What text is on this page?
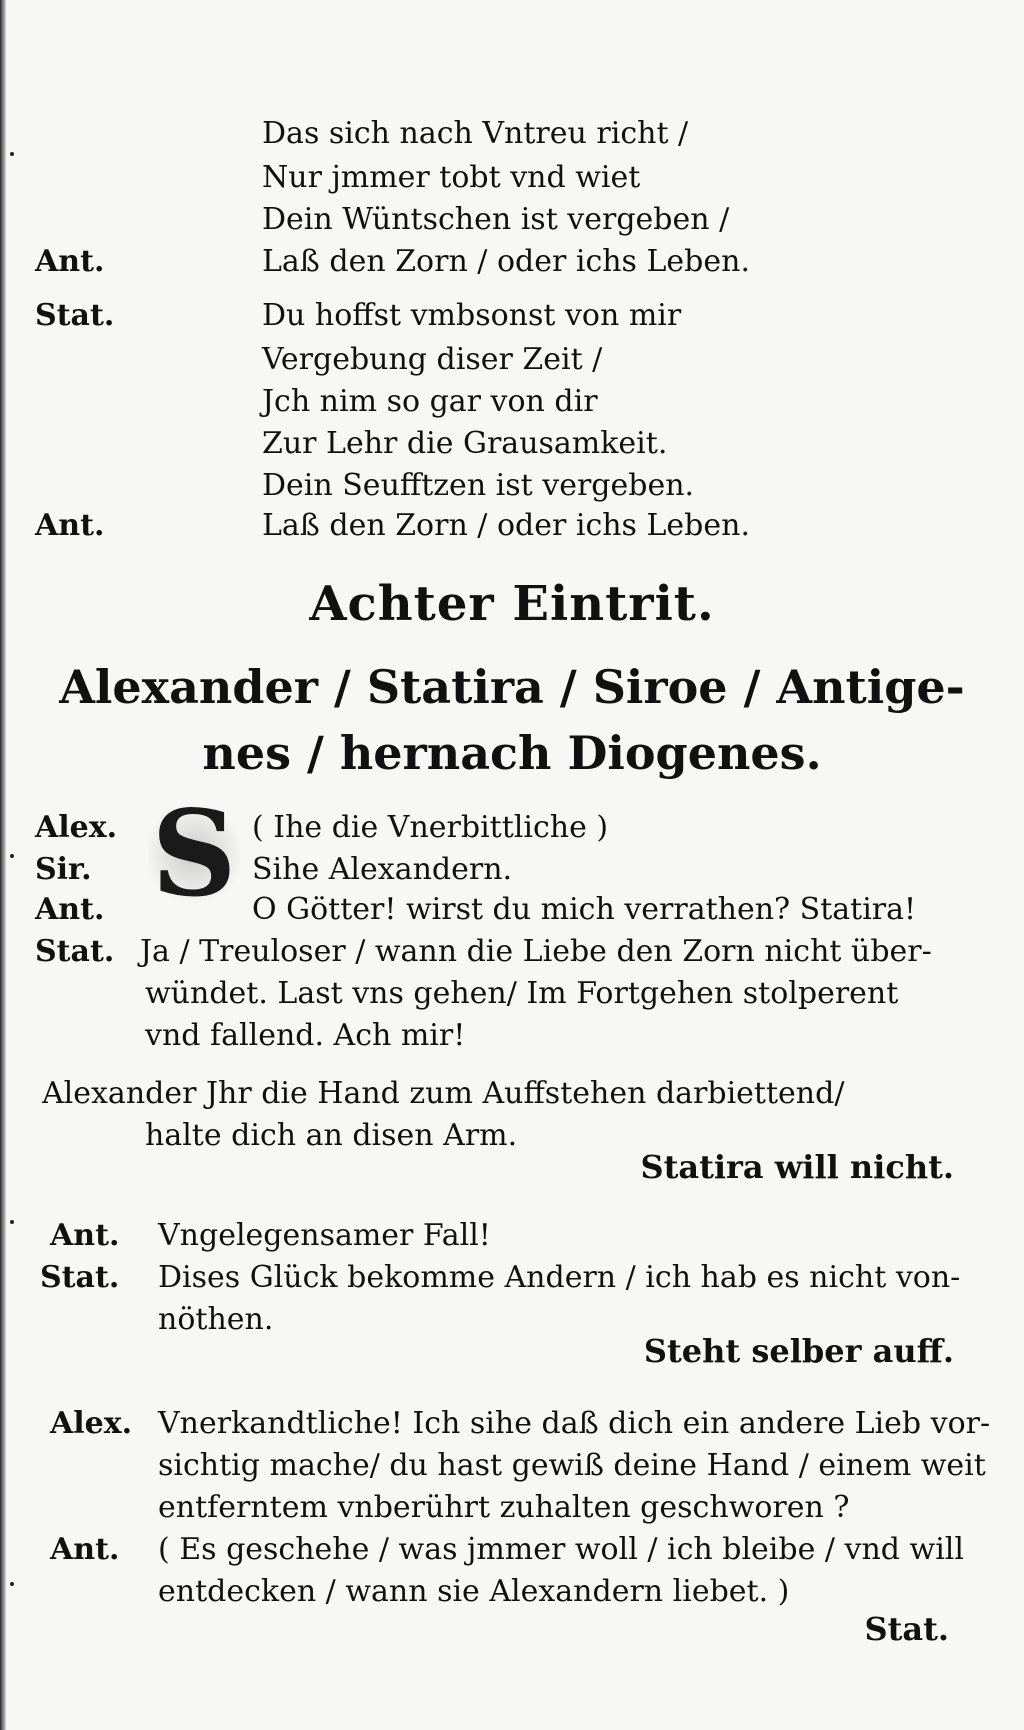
Das sich nach Vntreu richt /
Nur jmmer tobt vnd wiet
Dein Wüntschen ist vergeben /
Ant.	Laß den Zorn / oder ichs Leben.
Stat.	Du hoffst vmbsonst von mir
Vergebung diser Zeit /
Jch nim so gar von dir
Zur Lehr die Grausamkeit.
Dein Seufftzen ist vergeben.
Ant.	Laß den Zorn / oder ichs Leben.
Achter Eintrit.
Alexander / Statira / Siroe / Antige-
nes / hernach Diogenes.
S
Alex.	( Ihe die Vnerbittliche )
Sir.	Sihe Alexandern.
Ant.	O Götter! wirst du mich verrathen? Statira!
Stat. Ja / Treuloser / wann die Liebe den Zorn nicht über-
wündet. Last vns gehen/ Im Fortgehen stolperent
vnd fallend. Ach mir!
Alexander Jhr die Hand zum Auffstehen darbiettend/
halte dich an disen Arm.
Statira will nicht.
Ant. Vngelegensamer Fall!
Stat. Dises Glück bekomme Andern / ich hab es nicht von-
nöthen.
Steht selber auff.
Alex. Vnerkandtliche! Ich sihe daß dich ein andere Lieb vor-
sichtig mache/ du hast gewiß deine Hand / einem weit
entferntem vnberührt zuhalten geschworen ?
Ant. ( Es geschehe / was jmmer woll / ich bleibe / vnd will
entdecken / wann sie Alexandern liebet. )
Stat.
